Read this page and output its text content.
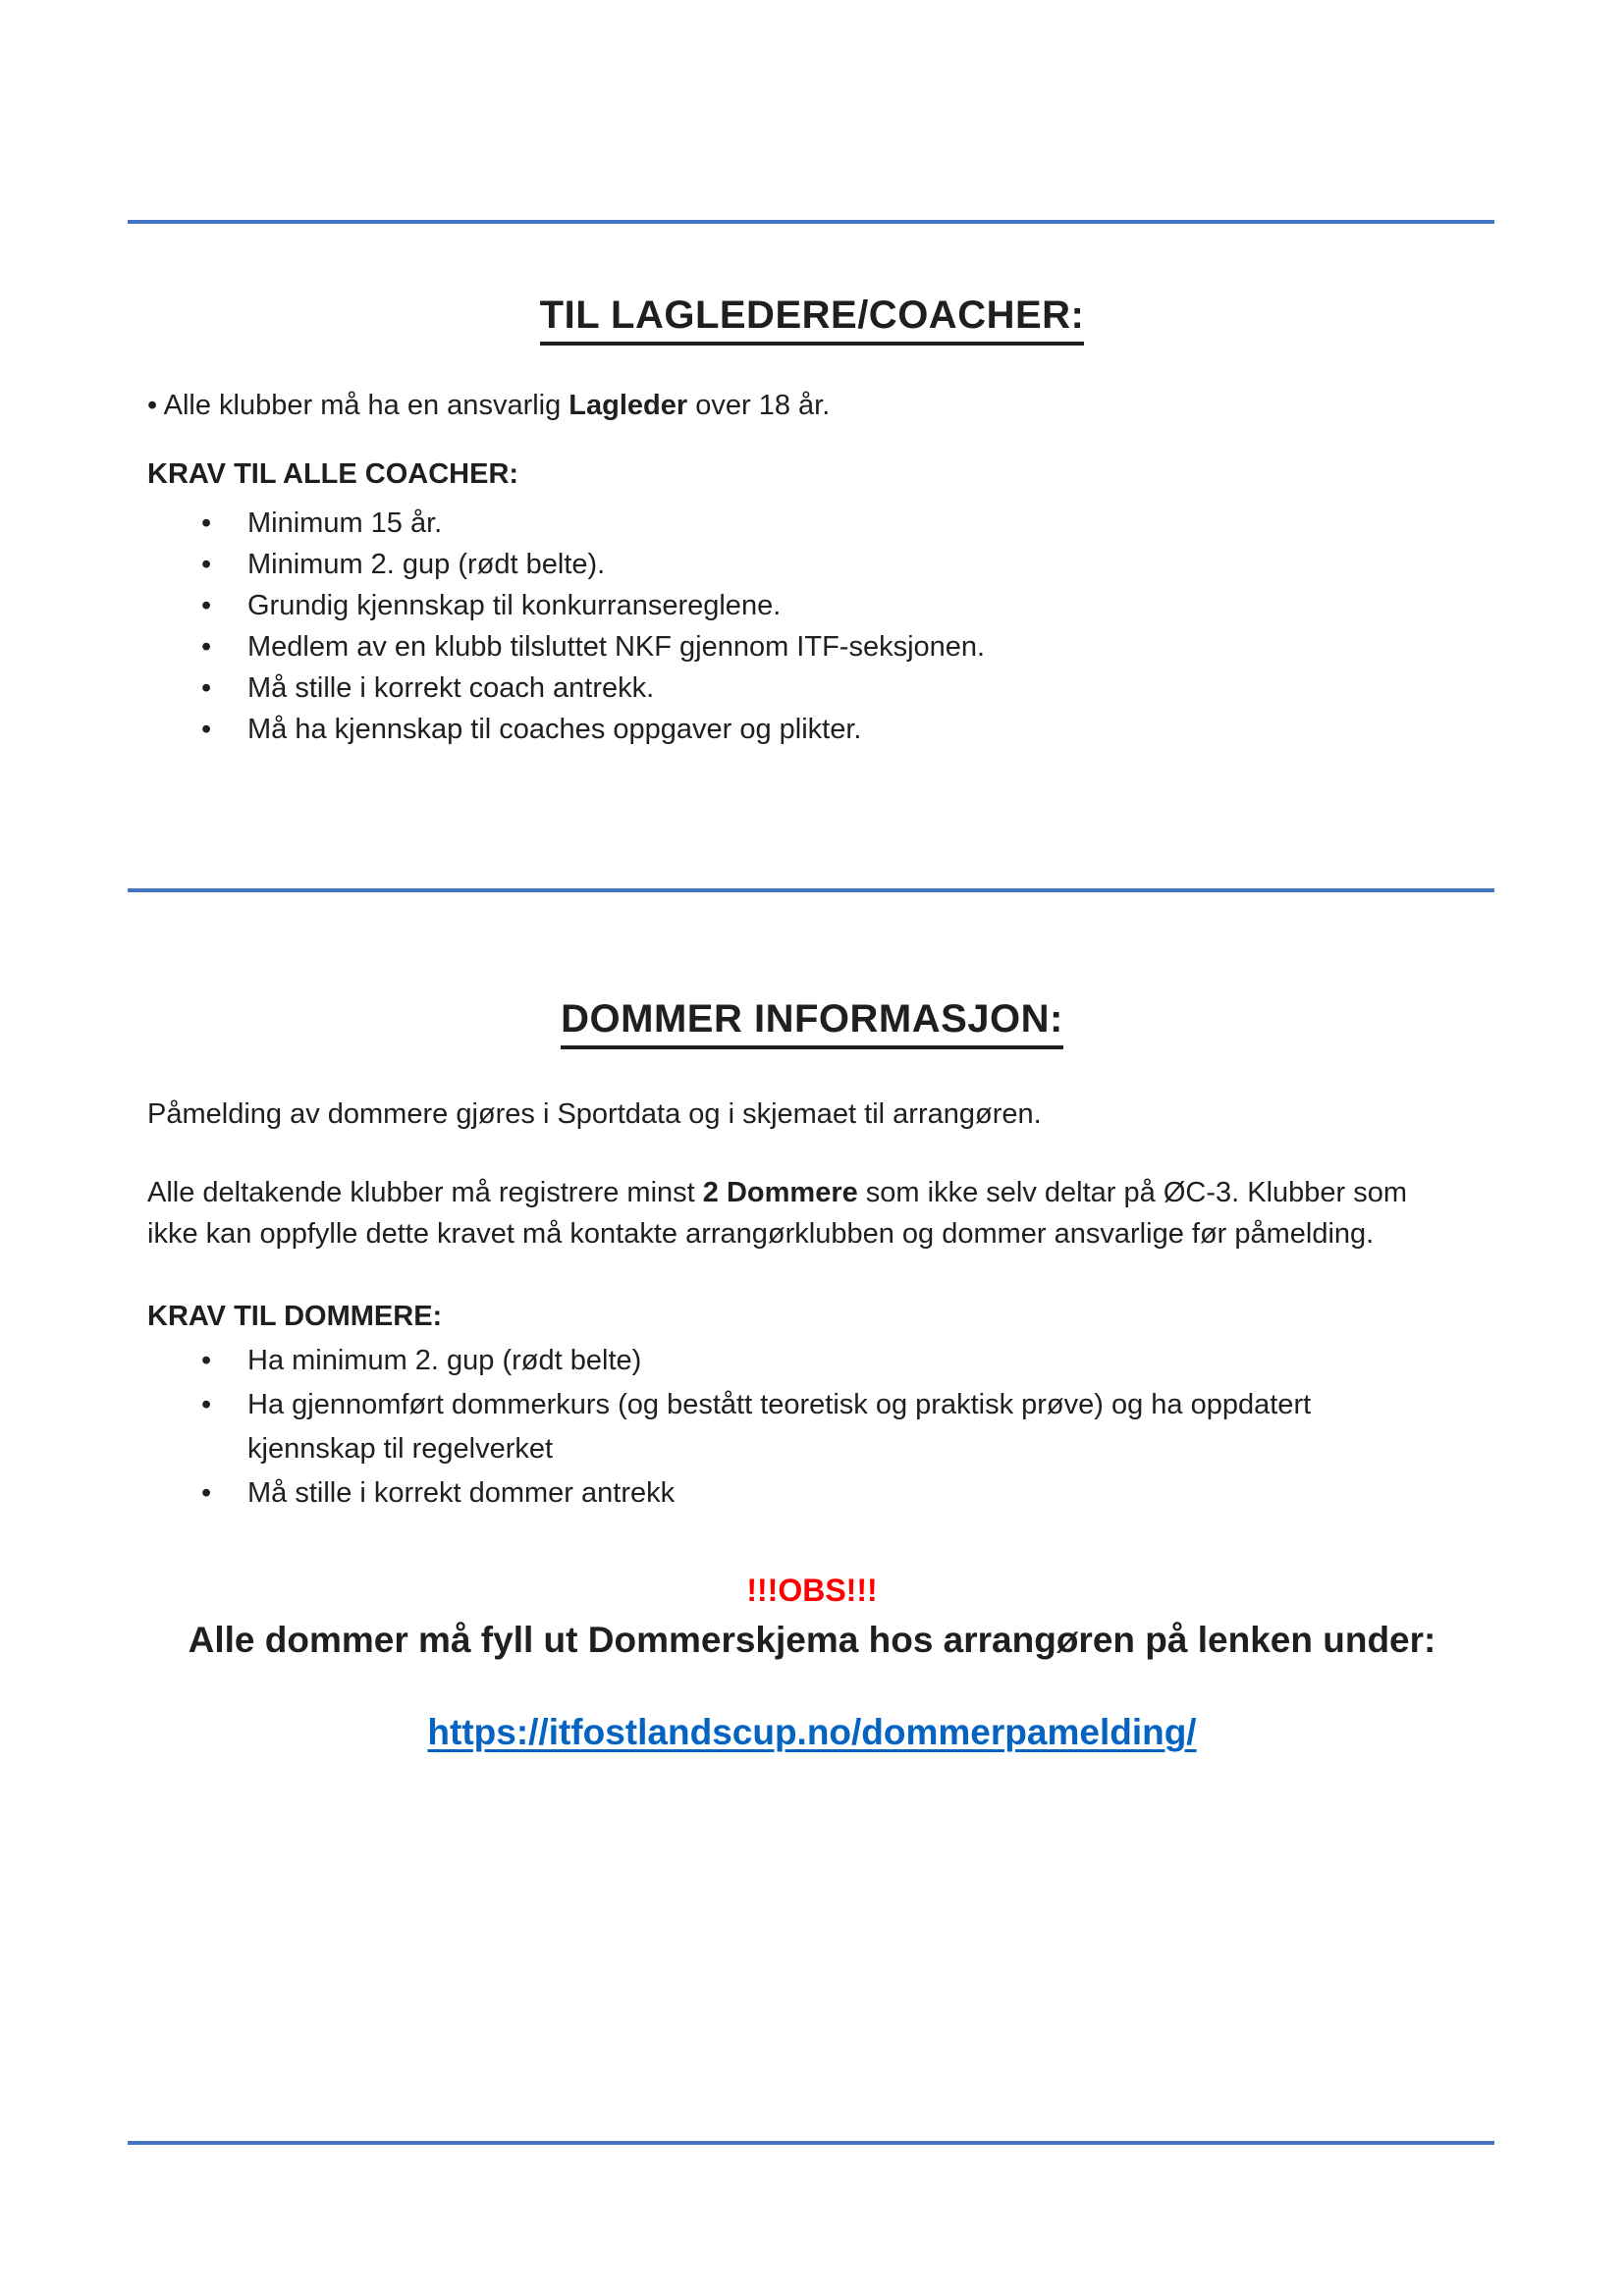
TIL LAGLEDERE/COACHER:
• Alle klubber må ha en ansvarlig Lagleder over 18 år.
KRAV TIL ALLE COACHER:
• Minimum 15 år.
• Minimum 2. gup (rødt belte).
• Grundig kjennskap til konkurransereglene.
• Medlem av en klubb tilsluttet NKF gjennom ITF-seksjonen.
• Må stille i korrekt coach antrekk.
• Må ha kjennskap til coaches oppgaver og plikter.
DOMMER INFORMASJON:
Påmelding av dommere gjøres i Sportdata og i skjemaet til arrangøren.
Alle deltakende klubber må registrere minst 2 Dommere som ikke selv deltar på ØC-3. Klubber som
ikke kan oppfylle dette kravet må kontakte arrangørklubben og dommer ansvarlige før påmelding.
KRAV TIL DOMMERE:
• Ha minimum 2. gup (rødt belte)
• Ha gjennomført dommerkurs (og bestått teoretisk og praktisk prøve) og ha oppdatert
kjennskap til regelverket
• Må stille i korrekt dommer antrekk
!!!OBS!!!
Alle dommer må fyll ut Dommerskjema hos arrangøren på lenken under:
https://itfostlandscup.no/dommerpamelding/
